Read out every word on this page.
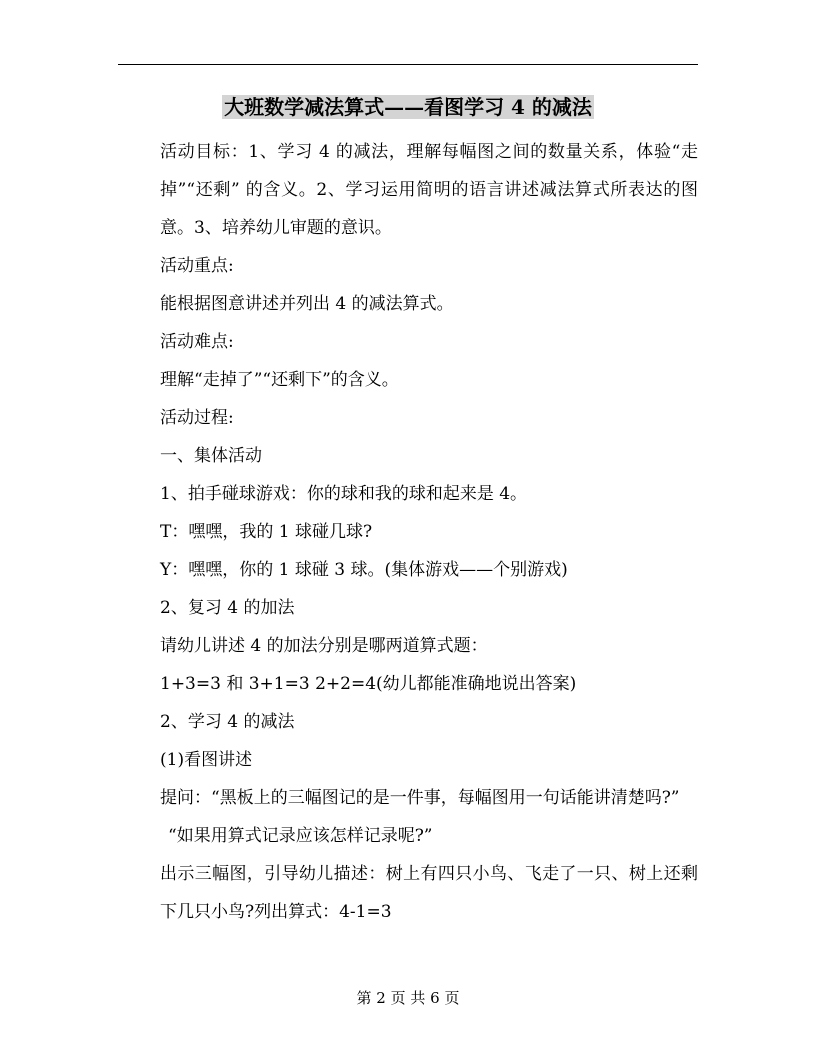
大班数学减法算式——看图学习 4 的减法

活动目标：1、学习 4 的减法，理解每幅图之间的数量关系，体验“走掉”“还剩” 的含义。2、学习运用简明的语言讲述减法算式所表达的图意。3、培养幼儿审题的意识。

活动重点:

能根据图意讲述并列出 4 的减法算式。

活动难点:

理解“走掉了”“还剩下”的含义。

活动过程:

一、集体活动

1、拍手碰球游戏：你的球和我的球和起来是 4。

T：嘿嘿，我的 1 球碰几球?

Y：嘿嘿，你的 1 球碰 3 球。(集体游戏——个别游戏)

2、复习 4 的加法

请幼儿讲述 4 的加法分别是哪两道算式题：

1+3=3 和 3+1=3 2+2=4(幼儿都能准确地说出答案)

2、学习 4 的减法

(1)看图讲述

提问：“黑板上的三幅图记的是一件事，每幅图用一句话能讲清楚吗?”

“如果用算式记录应该怎样记录呢?”

出示三幅图，引导幼儿描述：树上有四只小鸟、飞走了一只、树上还剩下几只小鸟?列出算式：4-1=3

第 2 页 共 6 页
